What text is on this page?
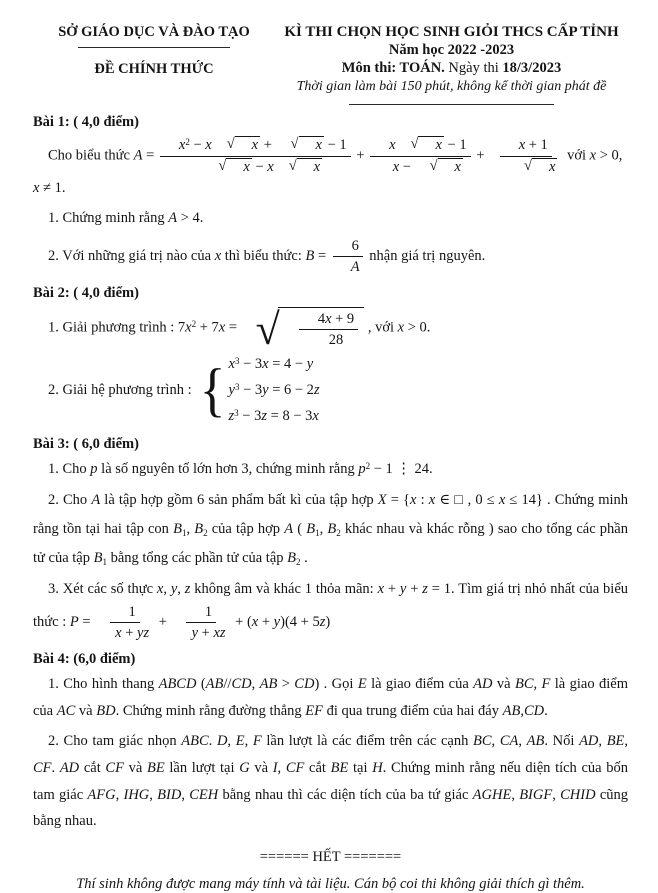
SỞ GIÁO DỤC VÀ ĐÀO TẠO
ĐỀ CHÍNH THỨC
KÌ THI CHỌN HỌC SINH GIỎI THCS CẤP TỈNH
Năm học 2022 -2023
Môn thi: TOÁN. Ngày thi 18/3/2023
Thời gian làm bài 150 phút, không kể thời gian phát đề
Bài 1: ( 4,0 điểm)

Cho biểu thức $A = x^2 - x$	√	x +	√	x − 1
√	x − x	√	x + x	√	x − 1
x −	√	x + x + 1
√	x với x > 0, x ≠ 1.

1. Chứng minh rằng A > 4.

2. Với những giá trị nào của x thì biểu thức: $B = \frac{6}{A}$ nhận giá trị nguyên.

Bài 2: ( 4,0 điểm)

1. Giải phương trình : $7x^2 + 7x$ = √ $\frac{4x + 9}{28}$ , với x > 0.

2. Giải hệ phương trình : { $x^3 - 3x = 4 - y$
$y^3 - 3y = 6 - 2z$
$z^3 - 3z = 8 - 3x$
Bài 3: ( 6,0 điểm)

1. Cho p là số nguyên tố lớn hơn 3, chứng minh rằng $p^2 - 1$ ⋮ 24.

2. Cho A là tập hợp gồm 6 sản phẩm bất kì của tập hợp X = {x : x ∈ □ , 0 ≤ x ≤ 14} . Chứng minh rằng tồn tại hai tập con $B_1$, $B_2$ của tập hợp A ( $B_1$, $B_2$ khác nhau và khác rỗng ) sao cho tổng các phần tử của tập $B_1$ bằng tổng các phần tử của tập $B_2$ .

3. Xét các số thực x, y, z không âm và khác 1 thỏa mãn: x + y + z = 1. Tìm giá trị nhỏ nhất của biểu thức : $P = \frac{1}{x + yz} + \frac{1}{y + xz} + (x + y)(4 + 5z)$

Bài 4: (6,0 điểm)

1. Cho hình thang ABCD (AB//CD, AB > CD) . Gọi E là giao điểm của AD và BC, F là giao điểm của AC và BD. Chứng minh rằng đường thẳng EF đi qua trung điểm của hai đáy AB,CD.

2. Cho tam giác nhọn ABC. D, E, F lần lượt là các điểm trên các cạnh BC, CA, AB. Nối AD, BE, CF. AD cắt CF và BE lần lượt tại G và I, CF cắt BE tại H. Chứng minh rằng nếu diện tích của bốn tam giác AFG, IHG, BID, CEH bằng nhau thì các diện tích của ba tứ giác AGHE, BIGF, CHID cũng bằng nhau.

====== HẾT =======
Thí sinh không được mang máy tính và tài liệu. Cán bộ coi thi không giải thích gì thêm.
